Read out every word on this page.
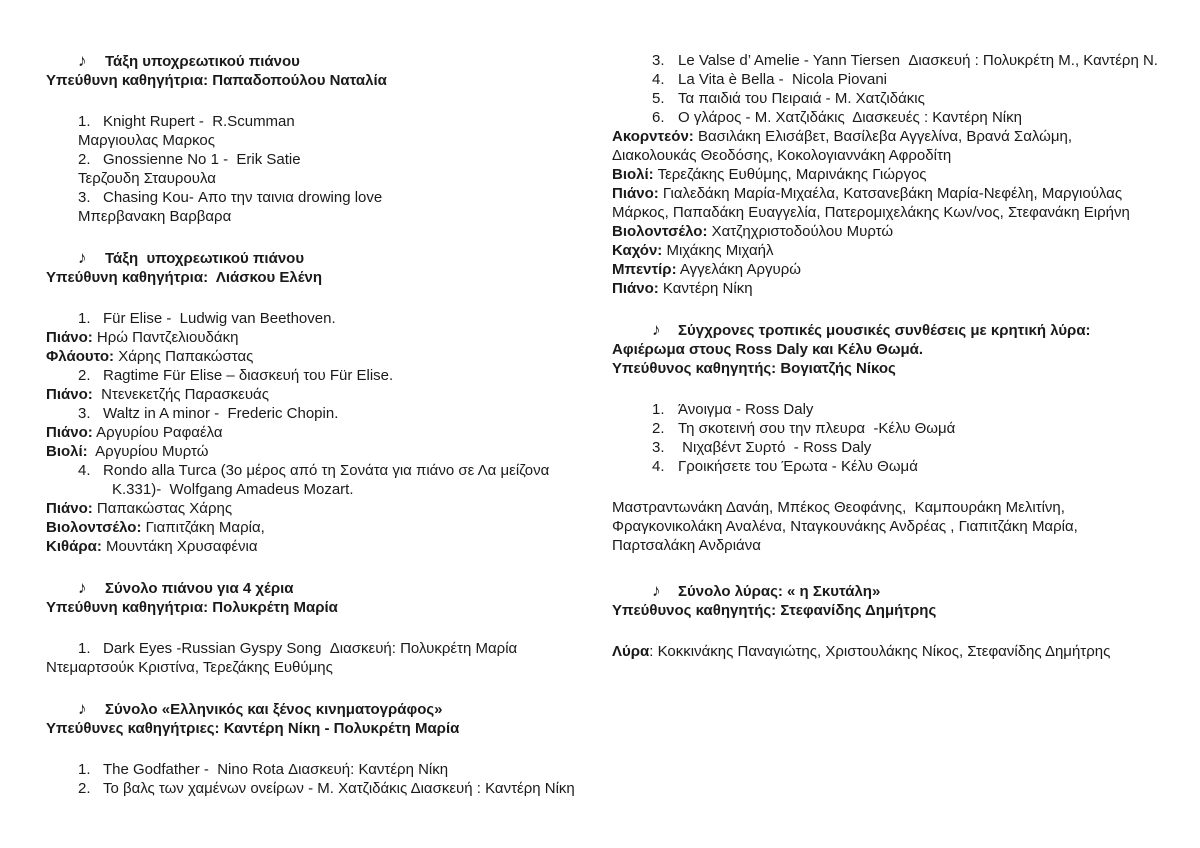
♪ Τάξη υποχρεωτικού πιάνου
Υπεύθυνη καθηγήτρια: Παπαδοπούλου Ναταλία
1. Knight Rupert -  R.Scumman
Μαργιουλας Μαρκος
2. Gnossienne No 1 -  Erik Satie
Τερζουδη Σταυρουλα
3. Chasing Kou- Απο την ταινια drowing love
Μπερβανακη Βαρβαρα
♪ Τάξη  υποχρεωτικού πιάνου
Υπεύθυνη καθηγήτρια:  Λιάσκου Ελένη
1. Für Elise -  Ludwig van Beethoven.
Πιάνο: Ηρώ Παντζελιουδάκη
Φλάουτο: Χάρης Παπακώστας
2. Ragtime Für Elise – διασκευή του Für Elise.
Πιάνο:  Ντενεκετζής Παρασκευάς
3. Waltz in A minor -  Frederic Chopin.
Πιάνο: Αργυρίου Ραφαέλα
Βιολί:  Αργυρίου Μυρτώ
4. Rondo alla Turca (3ο μέρος από τη Σονάτα για πιάνο σε Λα μείζονα
Κ.331)-  Wolfgang Amadeus Mozart.
Πιάνο: Παπακώστας Χάρης
Βιολοντσέλο: Γιαπιτζάκη Μαρία,
Κιθάρα: Μουντάκη Χρυσαφένια
♪ Σύνολο πιάνου για 4 χέρια
Υπεύθυνη καθηγήτρια: Πολυκρέτη Μαρία
1. Dark Eyes -Russian Gyspy Song  Διασκευή: Πολυκρέτη Μαρία
Ντεμαρτσούκ Κριστίνα, Τερεζάκης Ευθύμης
♪ Σύνολο «Ελληνικός και ξένος κινηματογράφος»
Υπεύθυνες καθηγήτριες: Καντέρη Νίκη - Πολυκρέτη Μαρία
1. The Godfather -  Nino Rota Διασκευή: Καντέρη Νίκη
2. Το βαλς των χαμένων ονείρων - Μ. Χατζιδάκις Διασκευή : Καντέρη Νίκη
3. Le Valse d’ Amelie - Yann Tiersen  Διασκευή : Πολυκρέτη Μ., Καντέρη Ν.
4. La Vita è Bella -  Nicola Piovani
5. Τα παιδιά του Πειραιά - Μ. Χατζιδάκις
6. Ο γλάρος - Μ. Χατζιδάκις  Διασκευές : Καντέρη Νίκη
Ακορντεόν: Βασιλάκη Ελισάβετ, Βασίλεβα Αγγελίνα, Βρανά Σαλώμη,
Διακολουκάς Θεοδόσης, Κοκολογιαννάκη Αφροδίτη
Βιολί: Τερεζάκης Ευθύμης, Μαρινάκης Γιώργος
Πιάνο: Γιαλεδάκη Μαρία-Μιχαέλα, Κατσανεβάκη Μαρία-Νεφέλη, Μαργιούλας
Μάρκος, Παπαδάκη Ευαγγελία, Πατερομιχελάκης Κων/νος, Στεφανάκη Ειρήνη
Βιολοντσέλο: Χατζηχριστοδούλου Μυρτώ
Καχόν: Μιχάκης Μιχαήλ
Μπεντίρ: Αγγελάκη Αργυρώ
Πιάνο: Καντέρη Νίκη
♪ Σύγχρονες τροπικές μουσικές συνθέσεις με κρητική λύρα:
Αφιέρωμα στους Ross Daly και Κέλυ Θωμά.
Υπεύθυνος καθηγητής: Βογιατζής Νίκος
1. Άνοιγμα - Ross Daly
2. Τη σκοτεινή σου την πλευρα  -Κέλυ Θωμά
3. Νιχαβέντ Συρτό  - Ross Daly
4. Γροικήσετε του Έρωτα - Κέλυ Θωμά
Μαστραντωνάκη Δανάη, Μπέκος Θεοφάνης,  Καμπουράκη Μελιτίνη,
Φραγκονικολάκη Αναλένα, Νταγκουνάκης Ανδρέας , Γιαπιτζάκη Μαρία,
Παρτσαλάκη Ανδριάνα
♪ Σύνολο λύρας: « η Σκυτάλη»
Υπεύθυνος καθηγητής: Στεφανίδης Δημήτρης
Λύρα: Κοκκινάκης Παναγιώτης, Χριστουλάκης Νίκος, Στεφανίδης Δημήτρης
